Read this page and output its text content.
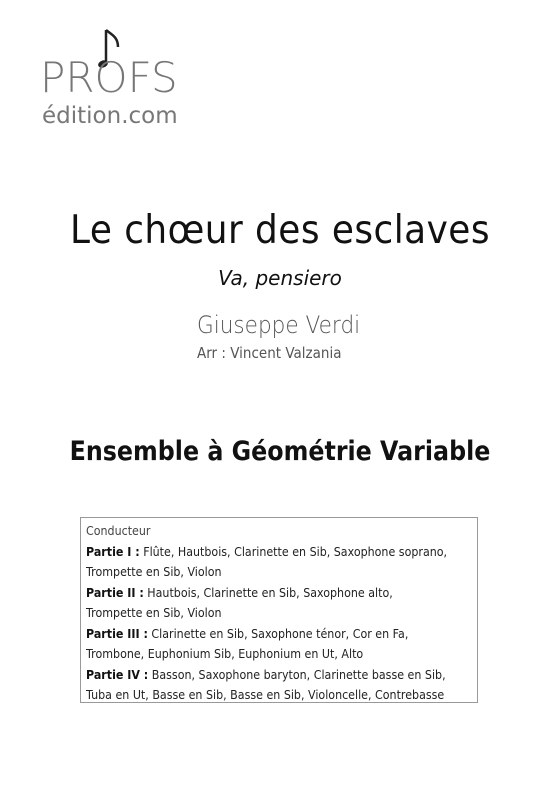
PROFS
édition.com
Le chœur des esclaves
Va, pensiero
Giuseppe Verdi
Arr : Vincent Valzania
Ensemble à Géométrie Variable
Conducteur
Partie I : Flûte, Hautbois, Clarinette en Sib, Saxophone soprano,
Trompette en Sib, Violon
Partie II : Hautbois, Clarinette en Sib, Saxophone alto,
Trompette en Sib, Violon
Partie III : Clarinette en Sib, Saxophone ténor, Cor en Fa,
Trombone, Euphonium Sib, Euphonium en Ut, Alto
Partie IV : Basson, Saxophone baryton, Clarinette basse en Sib,
Tuba en Ut, Basse en Sib, Basse en Sib, Violoncelle, Contrebasse
